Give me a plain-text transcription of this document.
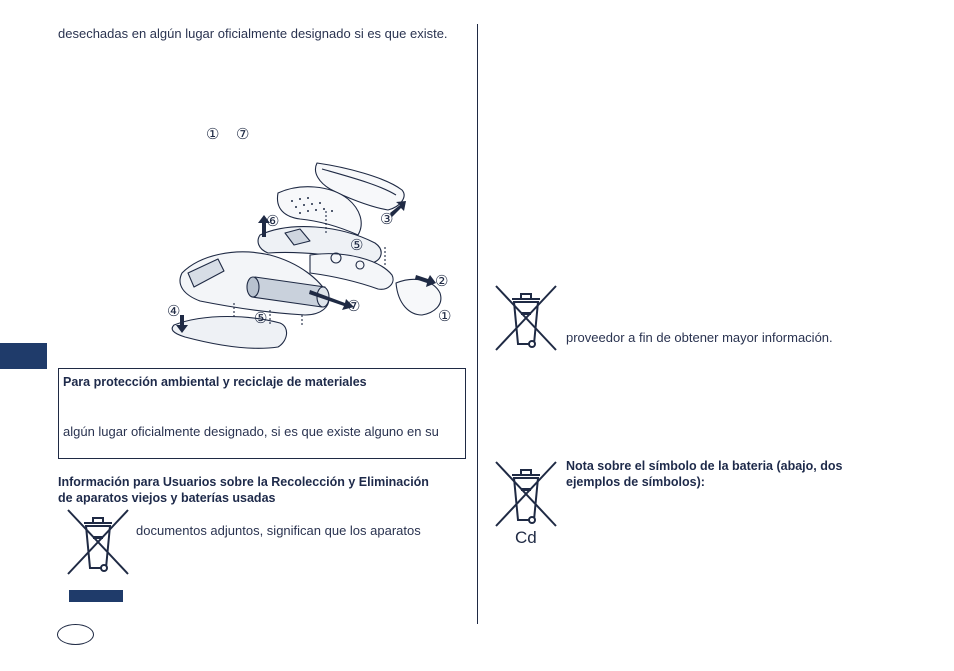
desechadas en algún lugar oficialmente designado si es que existe.
① ⑦
⑥	③
⑤
②
④	⑤
⑦
①
Para protección ambiental y reciclaje de materiales
algún lugar oficialmente designado, si es que existe alguno en su
Información para Usuarios sobre la Recolección y Eliminación
de aparatos viejos y baterías usadas
documentos adjuntos, significan que los aparatos
proveedor a fin de obtener mayor información.
Cd
Nota sobre el símbolo de la bateria (abajo, dos
ejemplos de símbolos):
